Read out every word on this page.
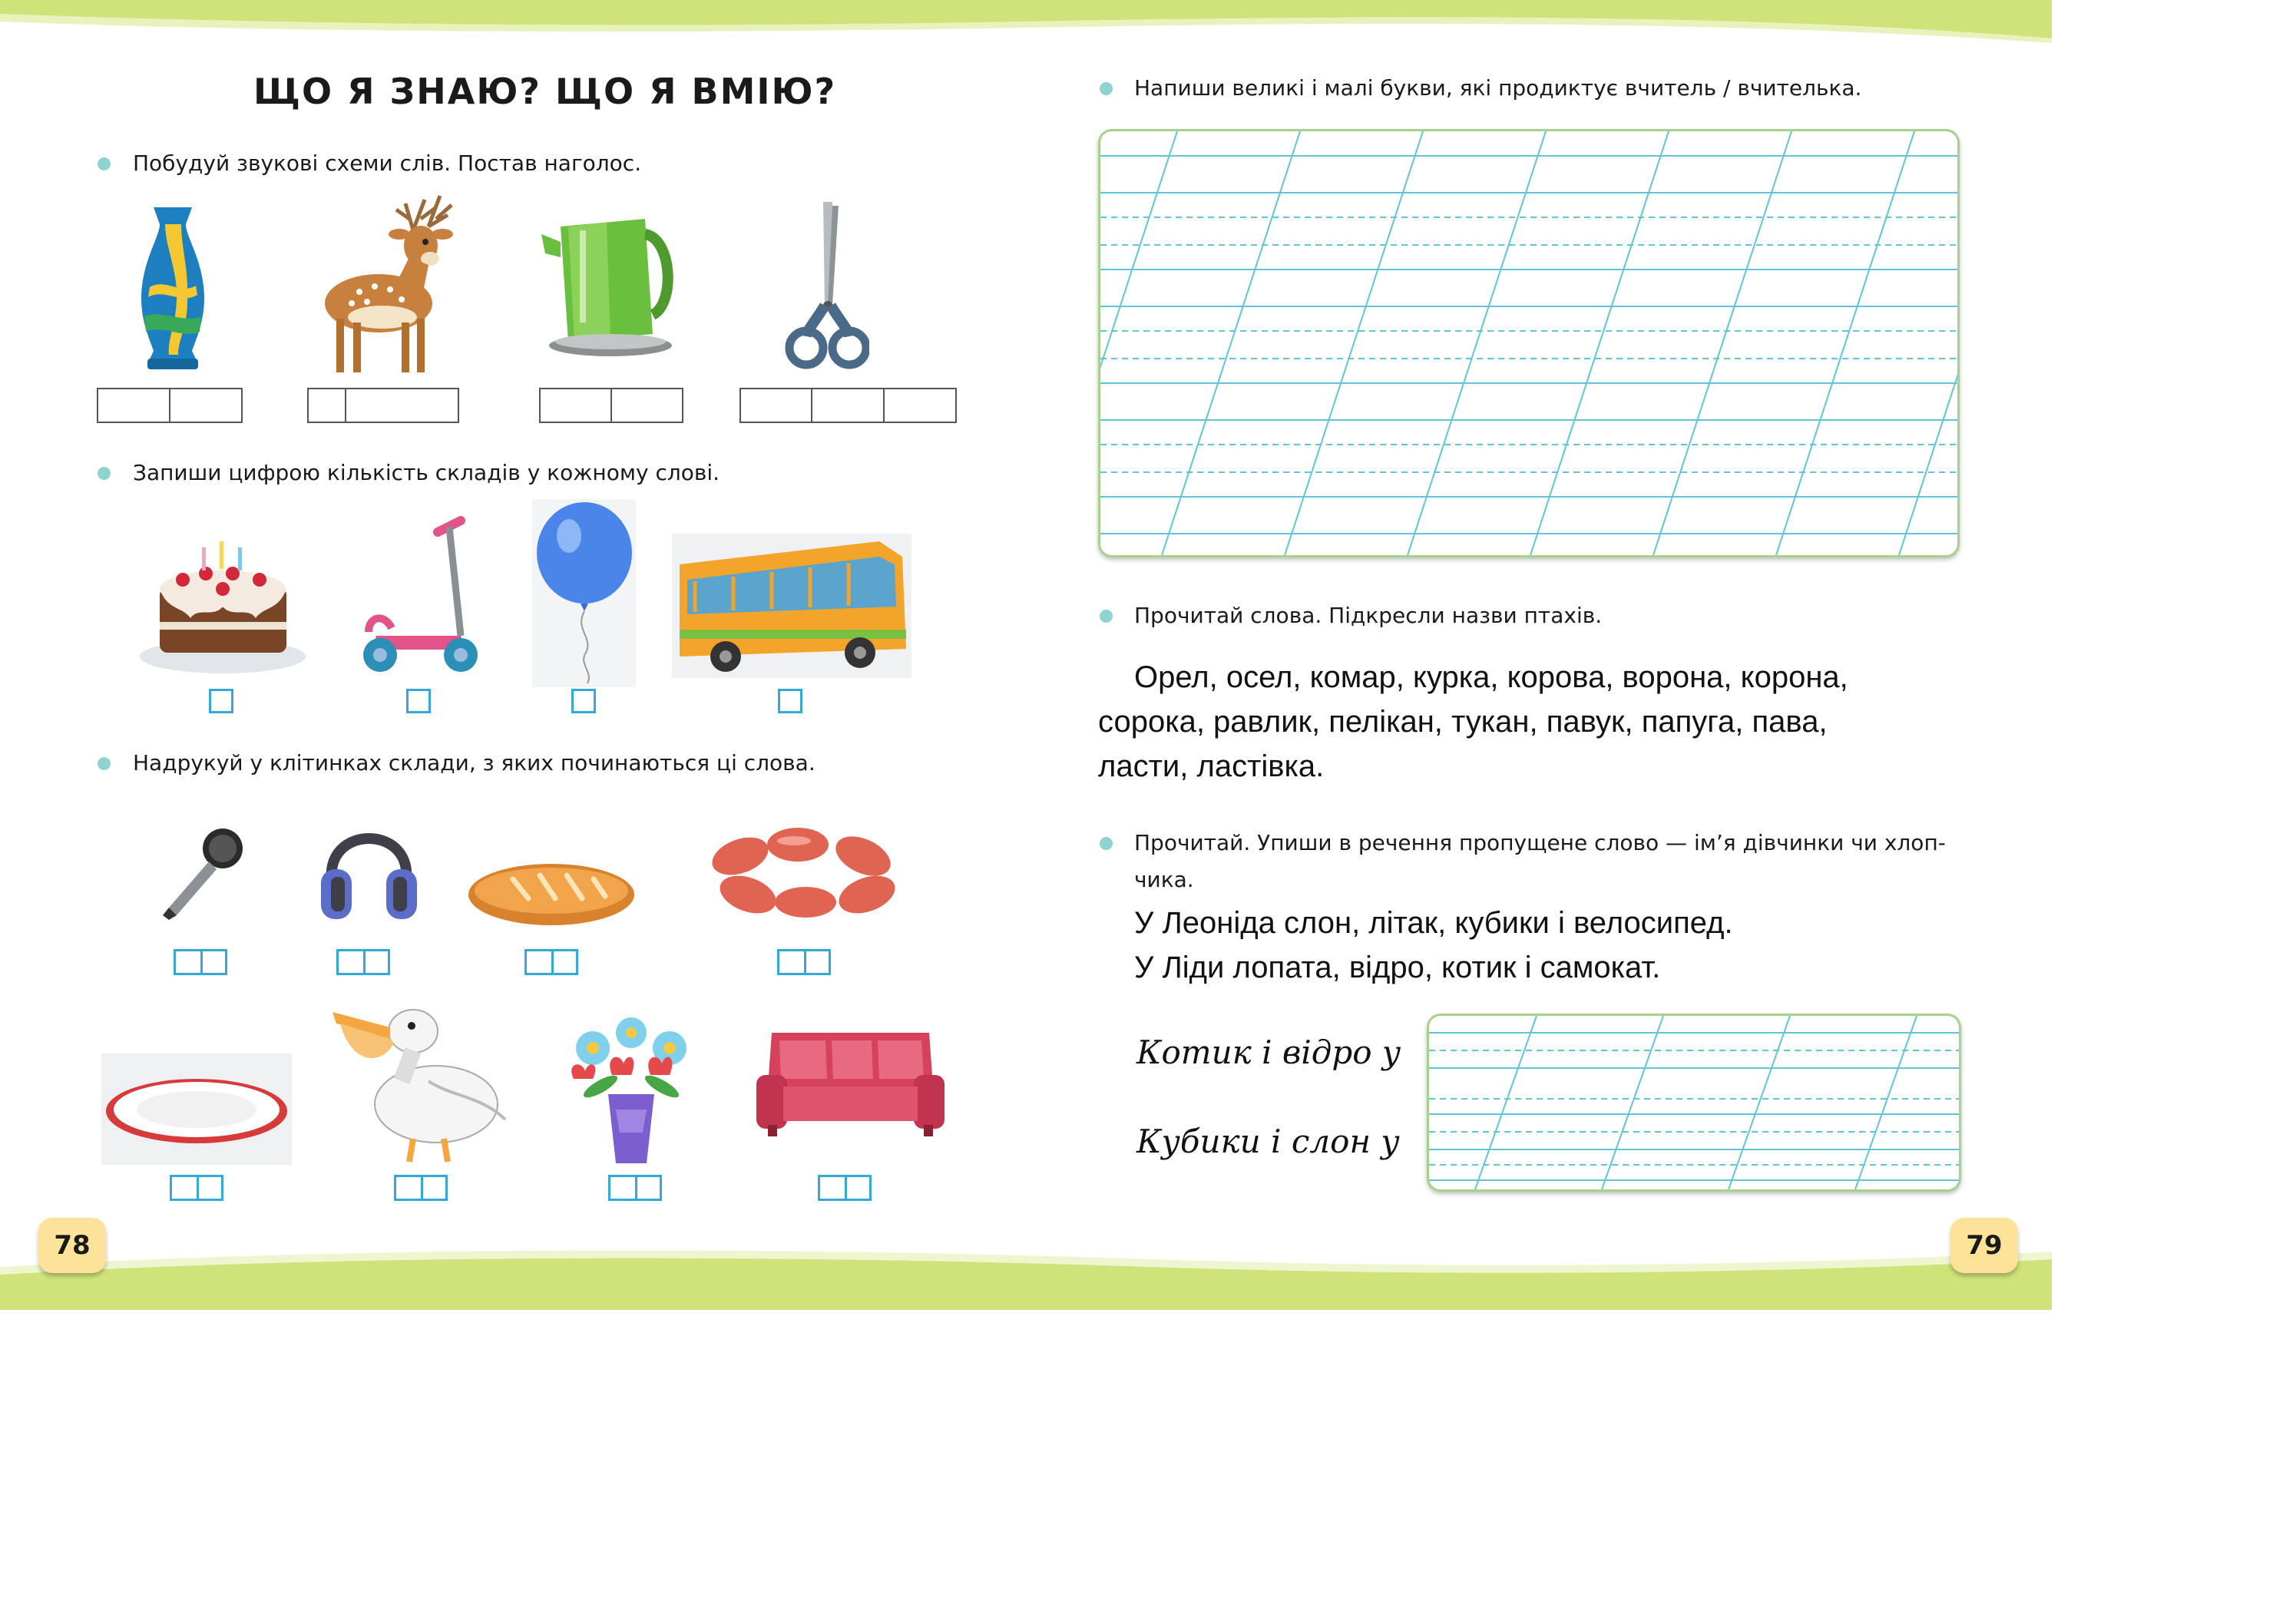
ЩО Я ЗНАЮ? ЩО Я ВМІЮ?
Побудуй звукові схеми слів. Постав наголос.
Запиши цифрою кількість складів у кожному слові.
Надрукуй у клітинках склади, з яких починаються ці слова.
78
Напиши великі і малі букви, які продиктує вчитель / вчителька.
Прочитай слова. Підкресли назви птахів.
Орел, осел, комар, курка, корова, ворона, корона,
сорока, равлик, пелікан, тукан, павук, папуга, пава,
ласти, ластівка.
Прочитай. Упиши в речення пропущене слово — ім’я дівчинки чи хлоп-
чика.
У Леоніда слон, літак, кубики і велосипед.
У Ліди лопата, відро, котик і самокат.
Котик і відро у
Кубики і слон у
79
